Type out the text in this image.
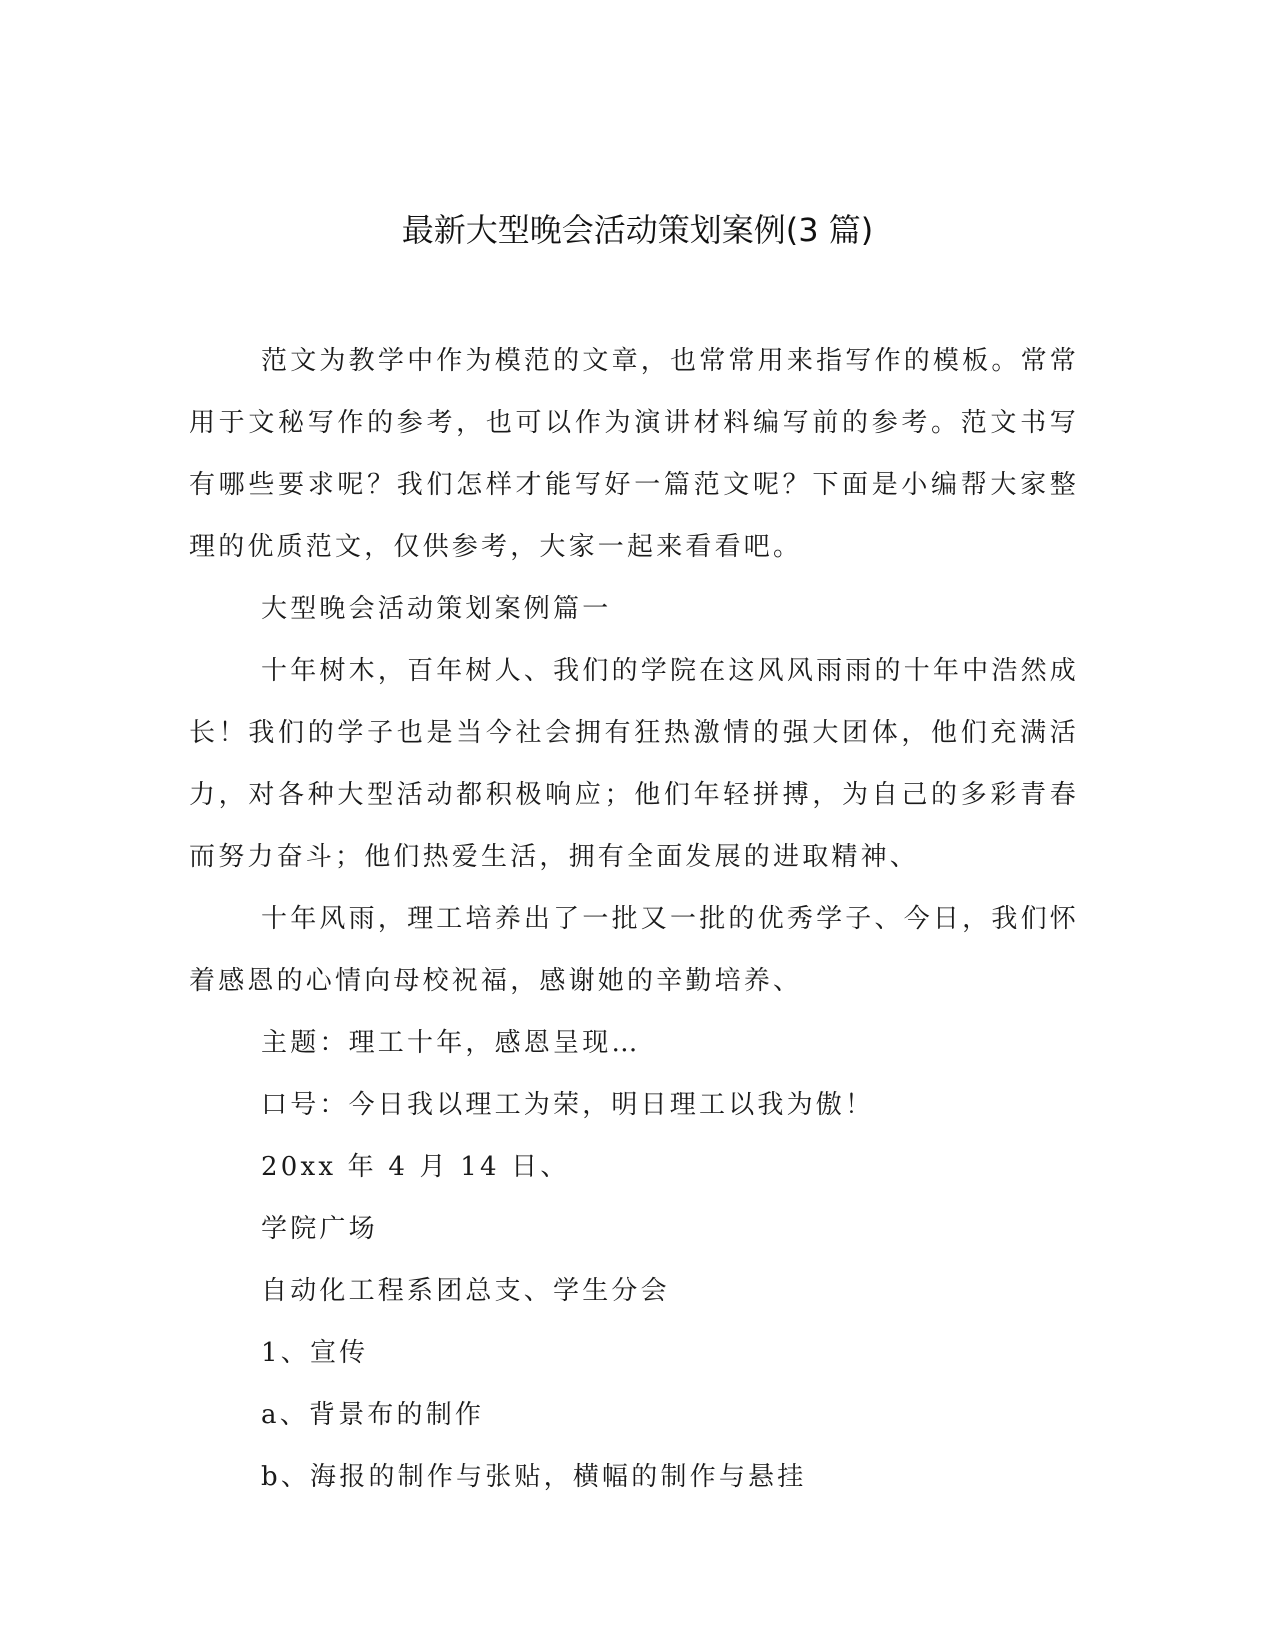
最新大型晚会活动策划案例(3 篇)

范文为教学中作为模范的文章，也常常用来指写作的模板。常常用于文秘写作的参考，也可以作为演讲材料编写前的参考。范文书写有哪些要求呢？我们怎样才能写好一篇范文呢？下面是小编帮大家整理的优质范文，仅供参考，大家一起来看看吧。

大型晚会活动策划案例篇一

十年树木，百年树人、我们的学院在这风风雨雨的十年中浩然成长！我们的学子也是当今社会拥有狂热激情的强大团体，他们充满活力，对各种大型活动都积极响应；他们年轻拼搏，为自己的多彩青春而努力奋斗；他们热爱生活，拥有全面发展的进取精神、

十年风雨，理工培养出了一批又一批的优秀学子、今日，我们怀着感恩的心情向母校祝福，感谢她的辛勤培养、

主题：理工十年，感恩呈现…

口号：今日我以理工为荣，明日理工以我为傲！

20xx 年 4 月 14 日、

学院广场

自动化工程系团总支、学生分会

1、宣传

a、背景布的制作

b、海报的制作与张贴，横幅的制作与悬挂
